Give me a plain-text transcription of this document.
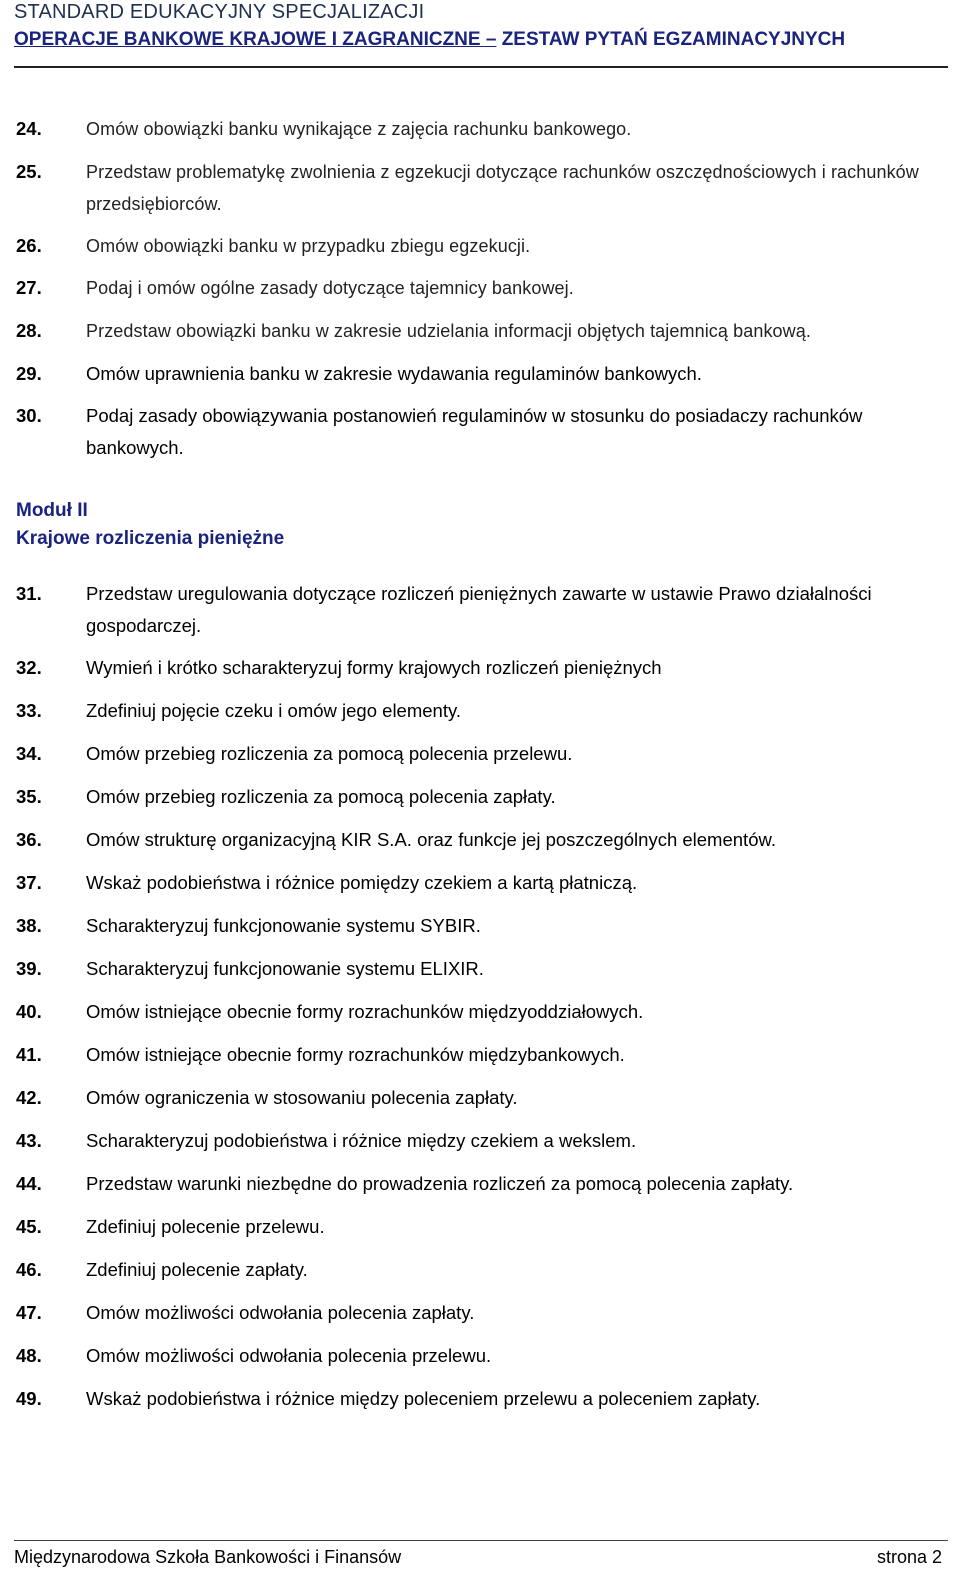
STANDARD EDUKACYJNY SPECJALIZACJI
OPERACJE BANKOWE KRAJOWE I ZAGRANICZNE – ZESTAW PYTAŃ EGZAMINACYJNYCH
24.	Omów obowiązki banku wynikające z zajęcia rachunku bankowego.
25.	Przedstaw problematykę zwolnienia z egzekucji dotyczące rachunków oszczędnościowych i rachunków przedsiębiorców.
26.	Omów obowiązki banku w przypadku zbiegu egzekucji.
27.	Podaj i omów ogólne zasady dotyczące tajemnicy bankowej.
28.	Przedstaw obowiązki banku w zakresie udzielania informacji objętych tajemnicą bankową.
29.	Omów uprawnienia banku w zakresie wydawania regulaminów bankowych.
30.	Podaj zasady obowiązywania postanowień regulaminów w stosunku do posiadaczy rachunków bankowych.
Moduł II
Krajowe rozliczenia pieniężne
31.	Przedstaw uregulowania dotyczące rozliczeń pieniężnych zawarte w ustawie Prawo działalności gospodarczej.
32.	Wymień i krótko scharakteryzuj formy krajowych rozliczeń pieniężnych
33.	Zdefiniuj pojęcie czeku i omów jego elementy.
34.	Omów przebieg rozliczenia za pomocą polecenia przelewu.
35.	Omów przebieg rozliczenia za pomocą polecenia zapłaty.
36.	Omów strukturę organizacyjną KIR S.A. oraz funkcje jej poszczególnych elementów.
37.	Wskaż podobieństwa i różnice pomiędzy czekiem a kartą płatniczą.
38.	Scharakteryzuj funkcjonowanie systemu SYBIR.
39.	Scharakteryzuj funkcjonowanie systemu ELIXIR.
40.	Omów istniejące obecnie formy rozrachunków międzyoddziałowych.
41.	Omów istniejące obecnie formy rozrachunków międzybankowych.
42.	Omów ograniczenia w stosowaniu polecenia zapłaty.
43.	Scharakteryzuj podobieństwa i różnice między czekiem a wekslem.
44.	Przedstaw warunki niezbędne do prowadzenia rozliczeń za pomocą polecenia zapłaty.
45.	Zdefiniuj polecenie przelewu.
46.	Zdefiniuj polecenie zapłaty.
47.	Omów możliwości odwołania polecenia zapłaty.
48.	Omów możliwości odwołania polecenia przelewu.
49.	Wskaż podobieństwa i różnice między poleceniem przelewu a poleceniem zapłaty.
Międzynarodowa Szkoła Bankowości i Finansów	strona 2
